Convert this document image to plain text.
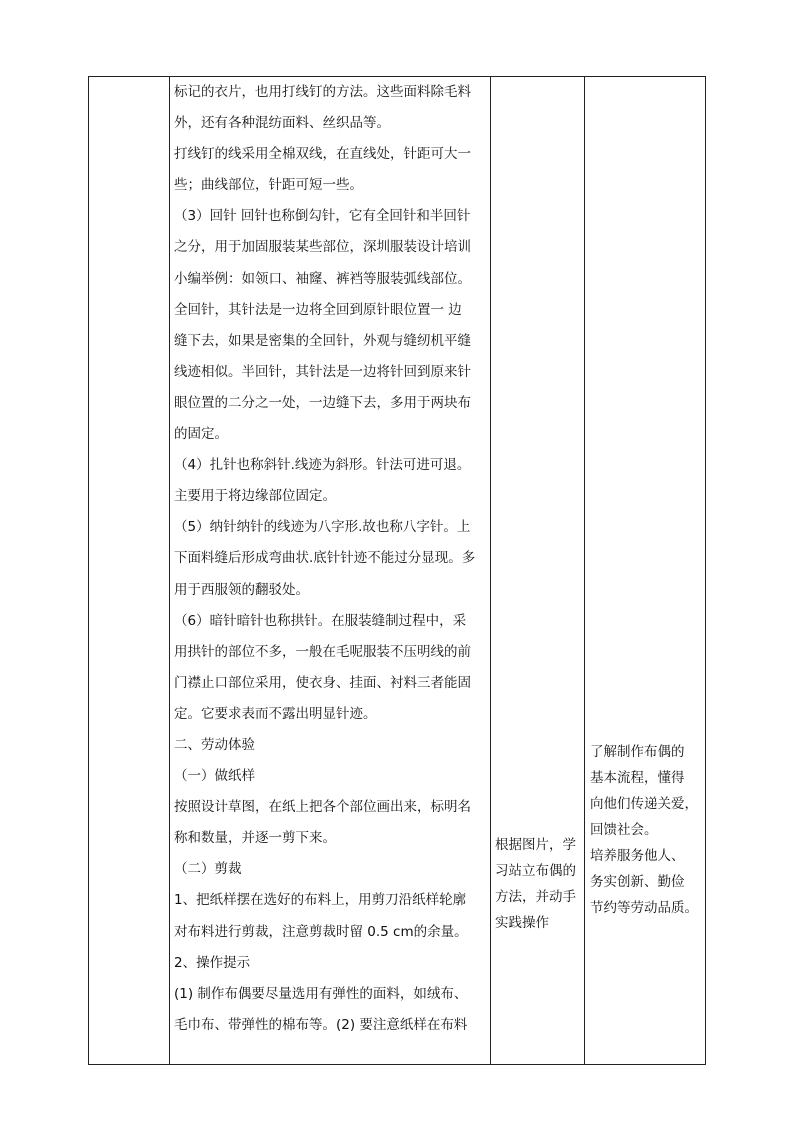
标记的衣片，也用打线钉的方法。这些面料除毛料

外，还有各种混纺面料、丝织品等。

打线钉的线采用全棉双线，在直线处，针距可大一

些；曲线部位，针距可短一些。

（3）回针 回针也称倒勾针，它有全回针和半回针

之分，用于加固服装某些部位，深圳服装设计培训

小编举例：如领口、袖窿、裤裆等服装弧线部位。

全回针，其针法是一边将全回到原针眼位置一 边

缝下去，如果是密集的全回针，外观与缝纫机平缝

线迹相似。半回针，其针法是一边将针回到原来针

眼位置的二分之一处，一边缝下去，多用于两块布

的固定。

（4）扎针也称斜针.线迹为斜形。针法可进可退。

主要用于将边缘部位固定。

（5）纳针纳针的线迹为八字形.故也称八字针。上

下面料缝后形成弯曲状.底针针迹不能过分显现。多

用于西服领的翻驳处。

（6）暗针暗针也称拱针。在服装缝制过程中，采

用拱针的部位不多，一般在毛呢服装不压明线的前

门襟止口部位采用，使衣身、挂面、衬料三者能固

定。它要求表而不露出明显针迹。

二、劳动体验

（一）做纸样

按照设计草图，在纸上把各个部位画出来，标明名

称和数量，并逐一剪下来。

（二）剪裁

1、把纸样摆在选好的布料上，用剪刀沿纸样轮廓

对布料进行剪裁，注意剪裁时留 0.5 cm的余量。

2、操作提示

(1) 制作布偶要尽量选用有弹性的面料，如绒布、

毛巾布、带弹性的棉布等。(2) 要注意纸样在布料

根据图片，学

习站立布偶的

方法，并动手

实践操作

了解制作布偶的

基本流程，懂得

向他们传递关爱，

回馈社会。

培养服务他人、

务实创新、勤俭

节约等劳动品质。
